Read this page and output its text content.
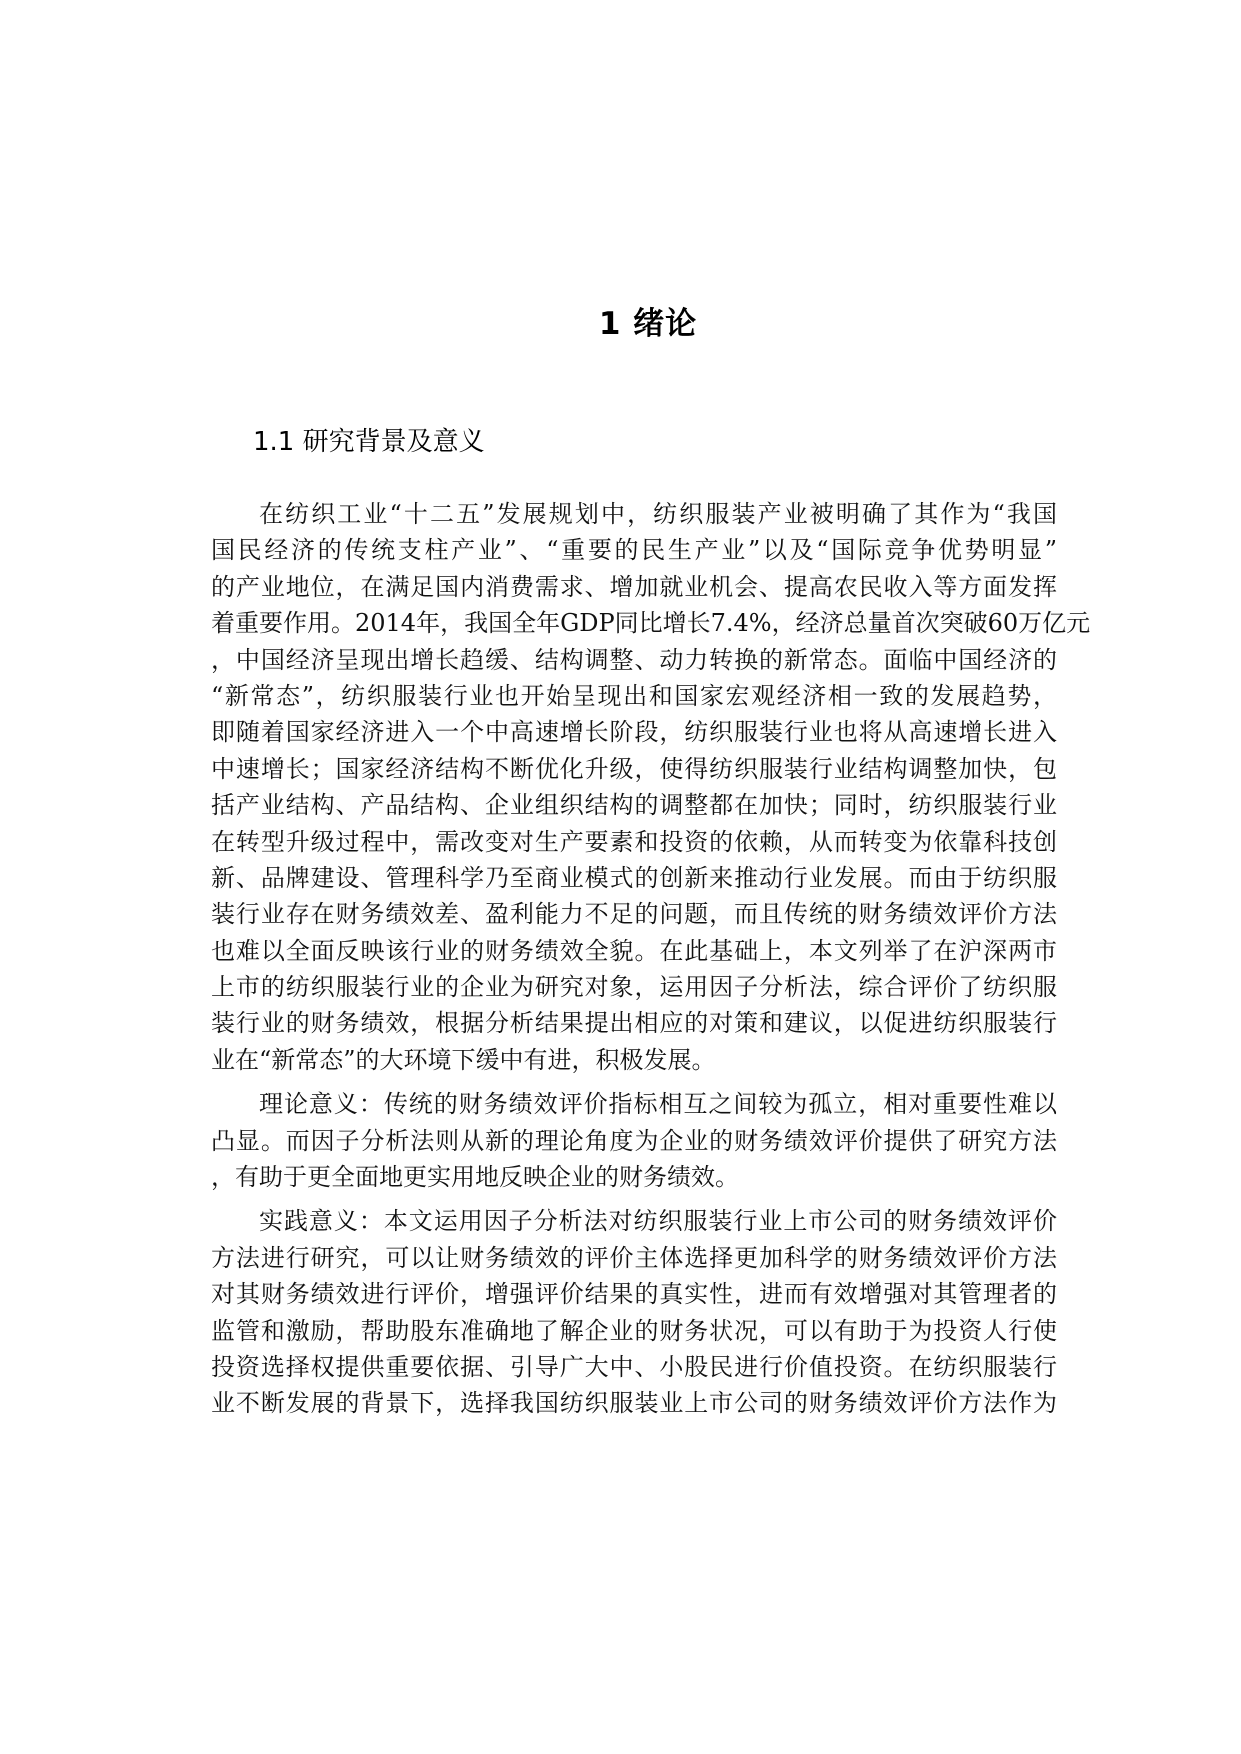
1 绪论
1.1 研究背景及意义
在纺织工业“十二五”发展规划中，纺织服装产业被明确了其作为“我国
国民经济的传统支柱产业”、“重要的民生产业”以及“国际竞争优势明显”
的产业地位，在满足国内消费需求、增加就业机会、提高农民收入等方面发挥
着重要作用。2014年，我国全年GDP同比增长7.4%，经济总量首次突破60万亿元
，中国经济呈现出增长趋缓、结构调整、动力转换的新常态。面临中国经济的
“新常态”，纺织服装行业也开始呈现出和国家宏观经济相一致的发展趋势，
即随着国家经济进入一个中高速增长阶段，纺织服装行业也将从高速增长进入
中速增长；国家经济结构不断优化升级，使得纺织服装行业结构调整加快，包
括产业结构、产品结构、企业组织结构的调整都在加快；同时，纺织服装行业
在转型升级过程中，需改变对生产要素和投资的依赖，从而转变为依靠科技创
新、品牌建设、管理科学乃至商业模式的创新来推动行业发展。而由于纺织服
装行业存在财务绩效差、盈利能力不足的问题，而且传统的财务绩效评价方法
也难以全面反映该行业的财务绩效全貌。在此基础上，本文列举了在沪深两市
上市的纺织服装行业的企业为研究对象，运用因子分析法，综合评价了纺织服
装行业的财务绩效，根据分析结果提出相应的对策和建议，以促进纺织服装行
业在“新常态”的大环境下缓中有进，积极发展。
理论意义：传统的财务绩效评价指标相互之间较为孤立，相对重要性难以
凸显。而因子分析法则从新的理论角度为企业的财务绩效评价提供了研究方法
，有助于更全面地更实用地反映企业的财务绩效。
实践意义：本文运用因子分析法对纺织服装行业上市公司的财务绩效评价
方法进行研究，可以让财务绩效的评价主体选择更加科学的财务绩效评价方法
对其财务绩效进行评价，增强评价结果的真实性，进而有效增强对其管理者的
监管和激励，帮助股东准确地了解企业的财务状况，可以有助于为投资人行使
投资选择权提供重要依据、引导广大中、小股民进行价值投资。在纺织服装行
业不断发展的背景下，选择我国纺织服装业上市公司的财务绩效评价方法作为
